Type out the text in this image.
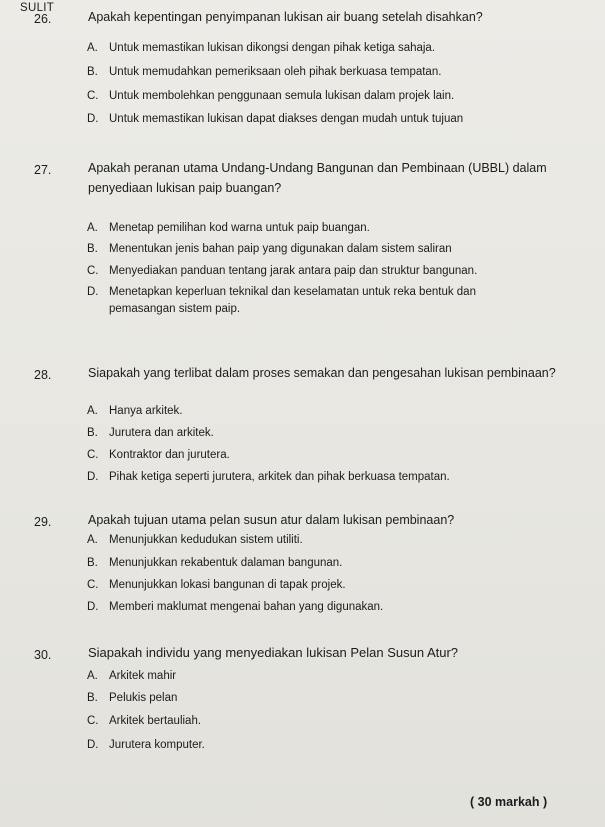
SULIT
26.	Apakah kepentingan penyimpanan lukisan air buang setelah disahkan?
A. Untuk memastikan lukisan dikongsi dengan pihak ketiga sahaja.
B. Untuk memudahkan pemeriksaan oleh pihak berkuasa tempatan.
C. Untuk membolehkan penggunaan semula lukisan dalam projek lain.
D. Untuk memastikan lukisan dapat diakses dengan mudah untuk tujuan
27.	Apakah peranan utama Undang-Undang Bangunan dan Pembinaan (UBBL) dalam penyediaan lukisan paip buangan?
A. Menetap pemilihan kod warna untuk paip buangan.
B. Menentukan jenis bahan paip yang digunakan dalam sistem saliran
C. Menyediakan panduan tentang jarak antara paip dan struktur bangunan.
D. Menetapkan keperluan teknikal dan keselamatan untuk reka bentuk dan pemasangan sistem paip.
28.	Siapakah yang terlibat dalam proses semakan dan pengesahan lukisan pembinaan?
A. Hanya arkitek.
B. Jurutera dan arkitek.
C. Kontraktor dan jurutera.
D. Pihak ketiga seperti jurutera, arkitek dan pihak berkuasa tempatan.
29.	Apakah tujuan utama pelan susun atur dalam lukisan pembinaan?
A. Menunjukkan kedudukan sistem utiliti.
B. Menunjukkan rekabentuk dalaman bangunan.
C. Menunjukkan lokasi bangunan di tapak projek.
D. Memberi maklumat mengenai bahan yang digunakan.
30.	Siapakah individu yang menyediakan lukisan Pelan Susun Atur?
A. Arkitek mahir
B. Pelukis pelan
C. Arkitek bertauliah.
D. Jurutera komputer.
( 30 markah )
